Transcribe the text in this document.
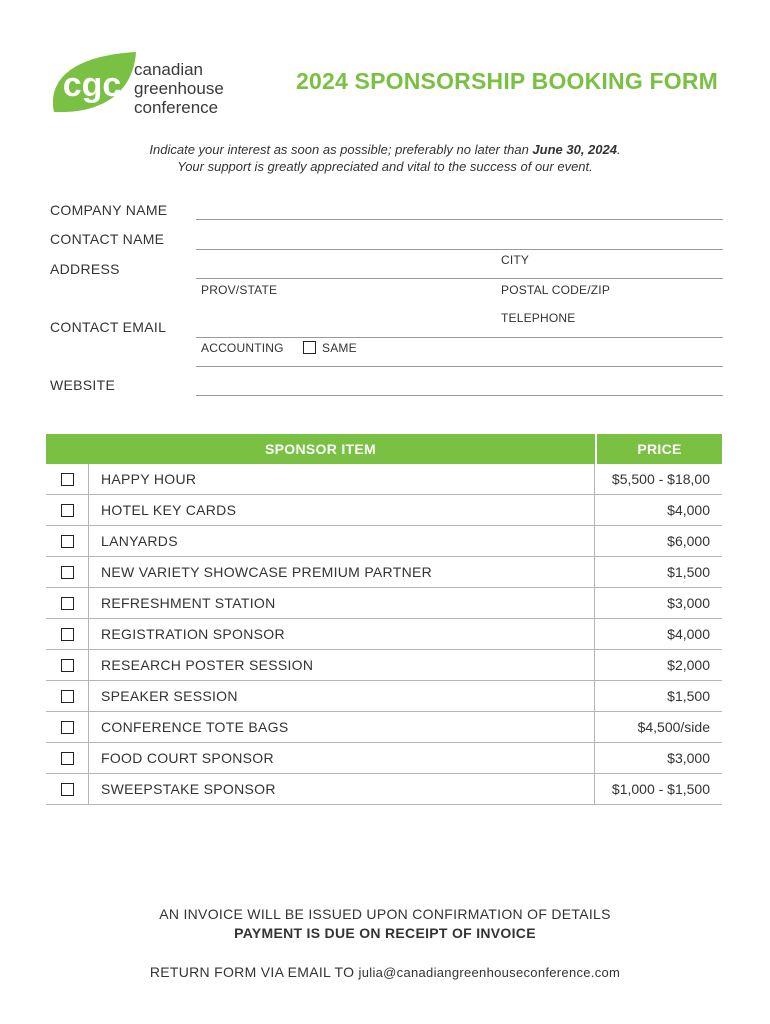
cgc canadian
greenhouse
conference
2024 SPONSORSHIP BOOKING FORM
Indicate your interest as soon as possible; preferably no later than June 30, 2024.
Your support is greatly appreciated and vital to the success of our event.
COMPANY NAME
CONTACT NAME
CITY
ADDRESS
PROV/STATE	POSTAL CODE/ZIP
TELEPHONE
CONTACT EMAIL
ACCOUNTING	SAME
WEBSITE
SPONSOR ITEM	PRICE
HAPPY HOUR	$5,500 - $18,00
HOTEL KEY CARDS	$4,000
LANYARDS	$6,000
NEW VARIETY SHOWCASE PREMIUM PARTNER	$1,500
REFRESHMENT STATION	$3,000
REGISTRATION SPONSOR	$4,000
RESEARCH POSTER SESSION	$2,000
SPEAKER SESSION	$1,500
CONFERENCE TOTE BAGS	$4,500/side
FOOD COURT SPONSOR	$3,000
SWEEPSTAKE SPONSOR	$1,000 - $1,500
AN INVOICE WILL BE ISSUED UPON CONFIRMATION OF DETAILS
PAYMENT IS DUE ON RECEIPT OF INVOICE
RETURN FORM VIA EMAIL TO julia@canadiangreenhouseconference.com
